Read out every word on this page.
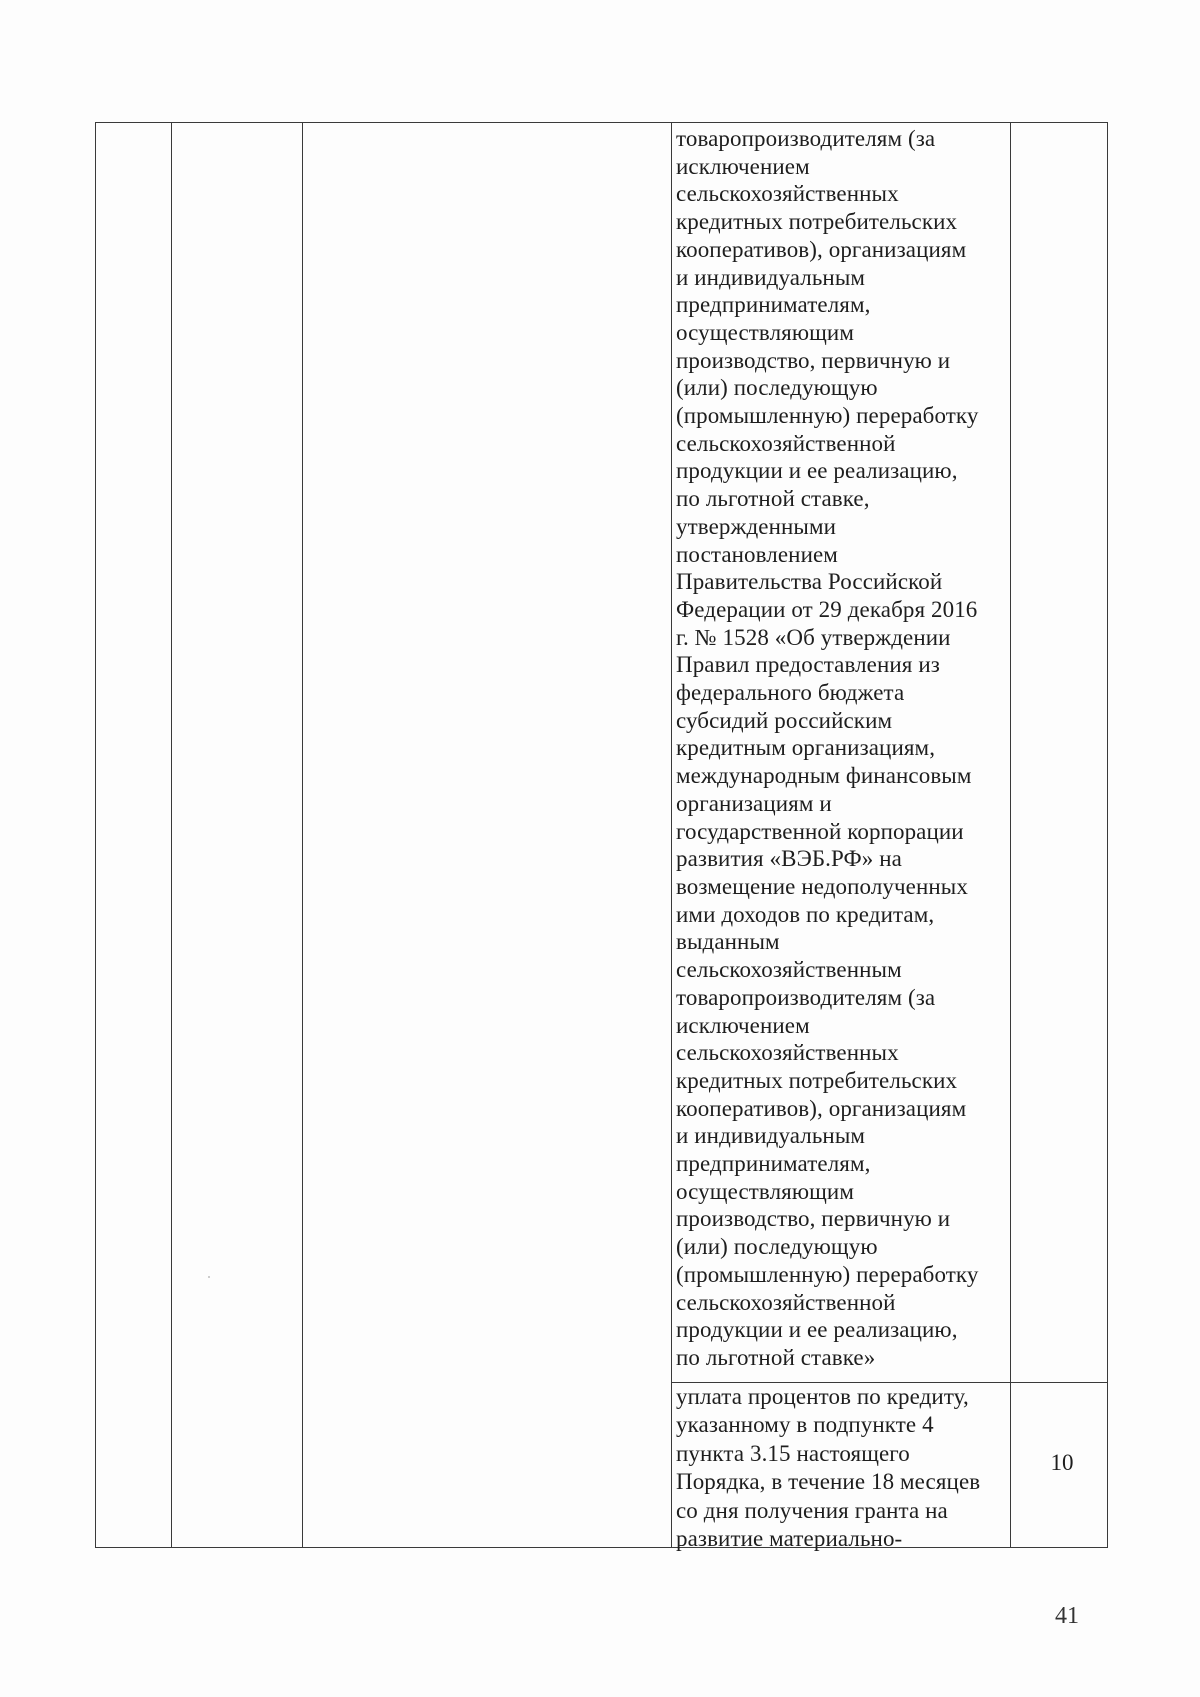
товаропроизводителям (за
исключением
сельскохозяйственных
кредитных потребительских
кооперативов), организациям
и индивидуальным
предпринимателям,
осуществляющим
производство, первичную и
(или) последующую
(промышленную) переработку
сельскохозяйственной
продукции и ее реализацию,
по льготной ставке,
утвержденными
постановлением
Правительства Российской
Федерации от 29 декабря 2016
г. № 1528 «Об утверждении
Правил предоставления из
федерального бюджета
субсидий российским
кредитным организациям,
международным финансовым
организациям и
государственной корпорации
развития «ВЭБ.РФ» на
возмещение недополученных
ими доходов по кредитам,
выданным
сельскохозяйственным
товаропроизводителям (за
исключением
сельскохозяйственных
кредитных потребительских
кооперативов), организациям
и индивидуальным
предпринимателям,
осуществляющим
производство, первичную и
(или) последующую
(промышленную) переработку
сельскохозяйственной
продукции и ее реализацию,
по льготной ставке»

уплата процентов по кредиту,
указанному в подпункте 4
пункта 3.15 настоящего
Порядка, в течение 18 месяцев
со дня получения гранта на
развитие материально-

10
41
